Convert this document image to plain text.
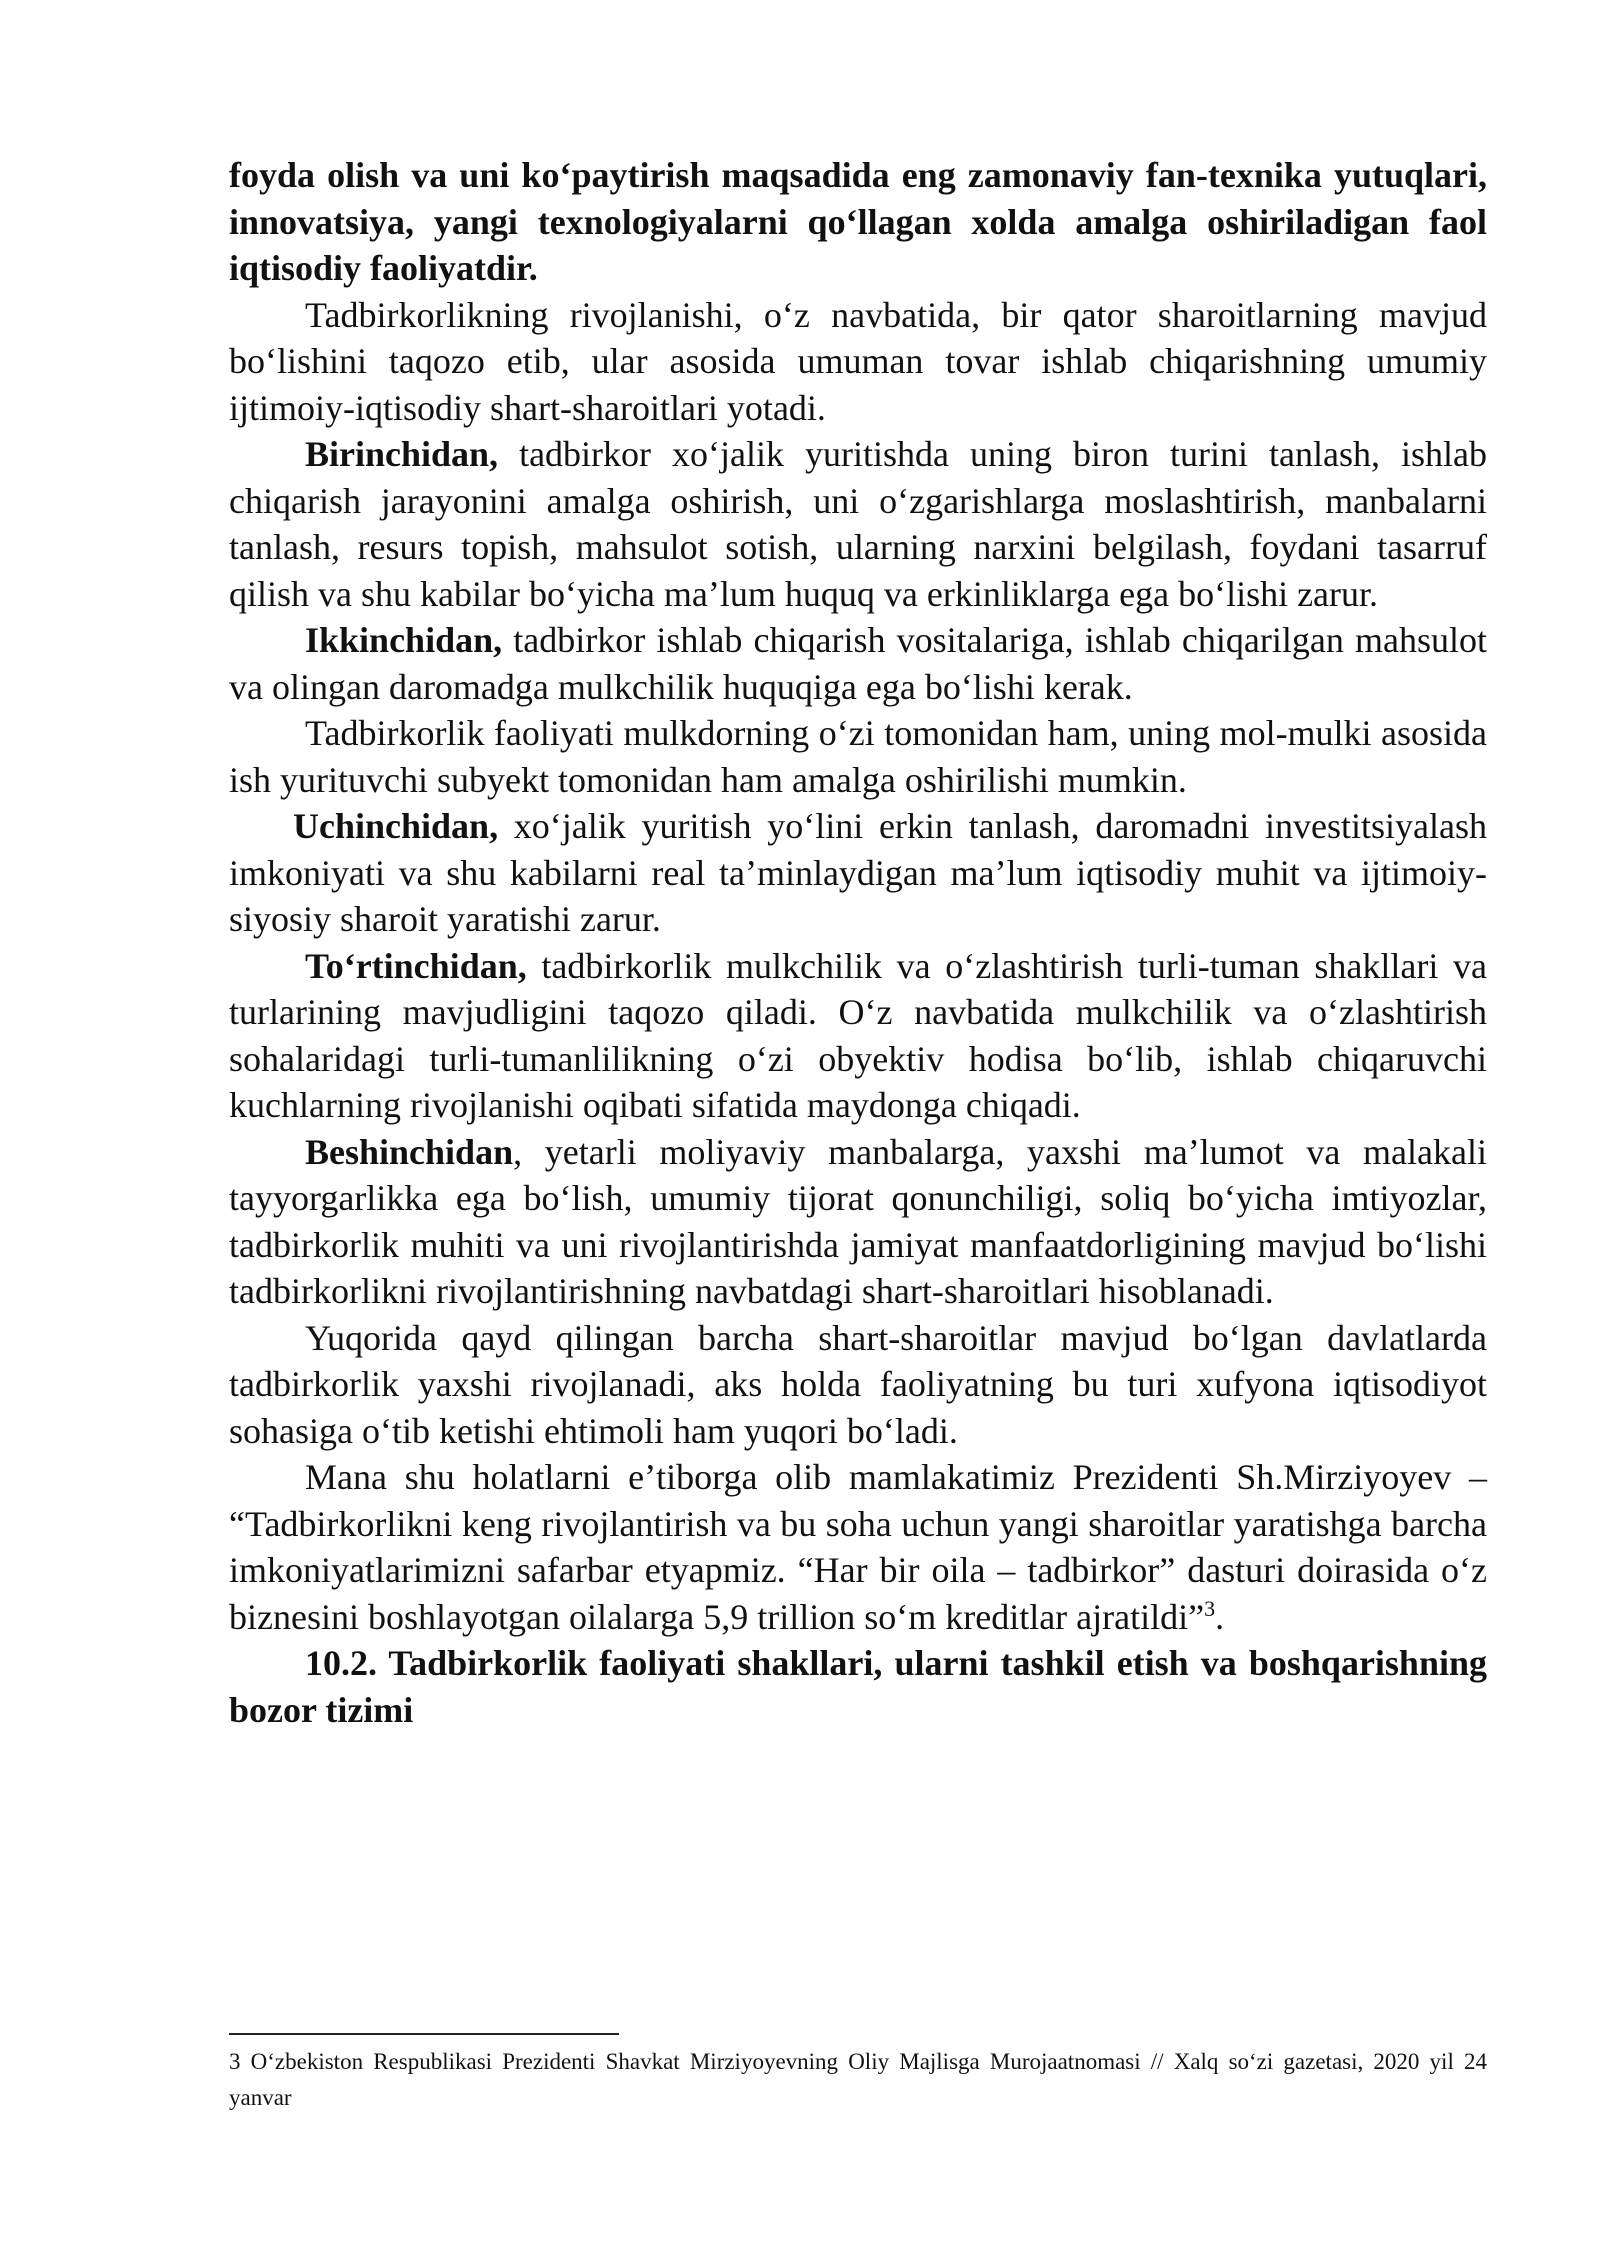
foyda olish va uni koʻpaytirish maqsadida eng zamonaviy fan-texnika yutuqlari, innovatsiya, yangi texnologiyalarni qoʻllagan xolda amalga oshiriladigan faol iqtisodiy faoliyatdir.

Tadbirkorlikning rivojlanishi, oʻz navbatida, bir qator sharoitlarning mavjud boʻlishini taqozo etib, ular asosida umuman tovar ishlab chiqarishning umumiy ijtimoiy-iqtisodiy shart-sharoitlari yotadi.

Birinchidan, tadbirkor xoʻjalik yuritishda uning biron turini tanlash, ishlab chiqarish jarayonini amalga oshirish, uni oʻzgarishlarga moslashtirish, manbalarni tanlash, resurs topish, mahsulot sotish, ularning narxini belgilash, foydani tasarruf qilish va shu kabilar boʻyicha maʼlum huquq va erkinliklarga ega boʻlishi zarur.

Ikkinchidan, tadbirkor ishlab chiqarish vositalariga, ishlab chiqarilgan mahsulot va olingan daromadga mulkchilik huquqiga ega boʻlishi kerak.

Tadbirkorlik faoliyati mulkdorning oʻzi tomonidan ham, uning mol-mulki asosida ish yurituvchi subyekt tomonidan ham amalga oshirilishi mumkin.

Uchinchidan, xoʻjalik yuritish yoʻlini erkin tanlash, daromadni investitsiyalash imkoniyati va shu kabilarni real taʼminlaydigan maʼlum iqtisodiy muhit va ijtimoiy-siyosiy sharoit yaratishi zarur.

Toʻrtinchidan, tadbirkorlik mulkchilik va oʻzlashtirish turli-tuman shakllari va turlarining mavjudligini taqozo qiladi. Oʻz navbatida mulkchilik va oʻzlashtirish sohalaridagi turli-tumanlilikning oʻzi obyektiv hodisa boʻlib, ishlab chiqaruvchi kuchlarning rivojlanishi oqibati sifatida maydonga chiqadi.

Beshinchidan, yetarli moliyaviy manbalarga, yaxshi maʼlumot va malakali tayyorgarlikka ega boʻlish, umumiy tijorat qonunchiligi, soliq boʻyicha imtiyozlar, tadbirkorlik muhiti va uni rivojlantirishda jamiyat manfaatdorligining mavjud boʻlishi tadbirkorlikni rivojlantirishning navbatdagi shart-sharoitlari hisoblanadi.

Yuqorida qayd qilingan barcha shart-sharoitlar mavjud boʻlgan davlatlarda tadbirkorlik yaxshi rivojlanadi, aks holda faoliyatning bu turi xufyona iqtisodiyot sohasiga oʻtib ketishi ehtimoli ham yuqori boʻladi.

Mana shu holatlarni eʼtiborga olib mamlakatimiz Prezidenti Sh.Mirziyoyev – “Tadbirkorlikni keng rivojlantirish va bu soha uchun yangi sharoitlar yaratishga barcha imkoniyatlarimizni safarbar etyapmiz. “Har bir oila – tadbirkor” dasturi doirasida oʻz biznesini boshlayotgan oilalarga 5,9 trillion soʻm kreditlar ajratildi”$^3$.

10.2. Tadbirkorlik faoliyati shakllari, ularni tashkil etish va boshqarishning bozor tizimi

3 Oʻzbekiston Respublikasi Prezidenti Shavkat Mirziyoyevning Oliy Majlisga Murojaatnomasi // Xalq soʻzi gazetasi, 2020 yil 24 yanvar
